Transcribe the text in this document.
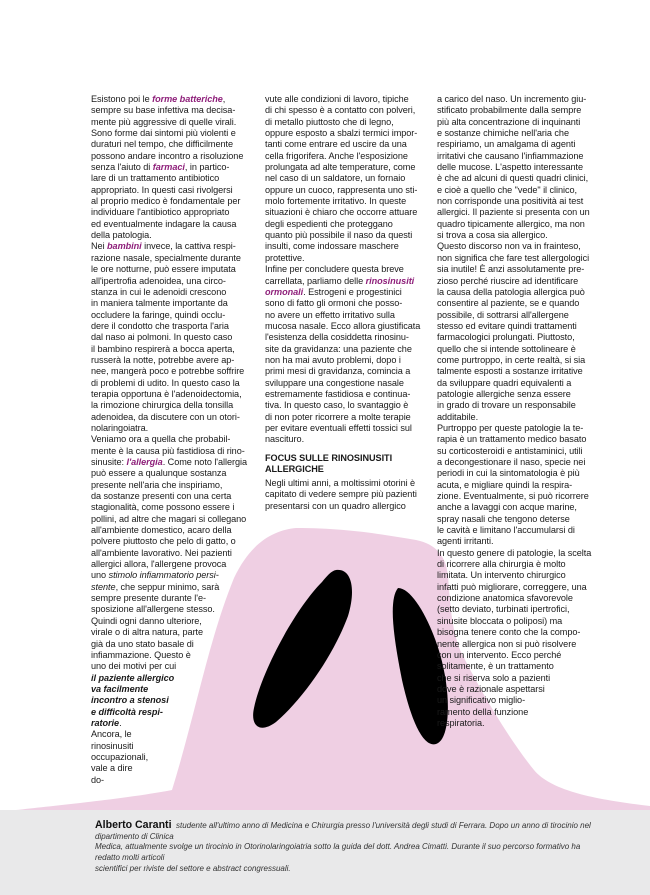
Esistono poi le forme batteriche,
sempre su base infettiva ma decisa-
mente più aggressive di quelle virali.
Sono forme dai sintomi più violenti e
duraturi nel tempo, che difficilmente
possono andare incontro a risoluzione
senza l'aiuto di farmaci, in partico-
lare di un trattamento antibiotico
appropriato. In questi casi rivolgersi
al proprio medico è fondamentale per
individuare l'antibiotico appropriato
ed eventualmente indagare la causa
della patologia.
Nei bambini invece, la cattiva respi-
razione nasale, specialmente durante
le ore notturne, può essere imputata
all'ipertrofia adenoidea, una circo-
stanza in cui le adenoidi crescono
in maniera talmente importante da
occludere la faringe, quindi occlu-
dere il condotto che trasporta l'aria
dal naso ai polmoni. In questo caso
il bambino respirerà a bocca aperta,
russerà la notte, potrebbe avere ap-
nee, mangerà poco e potrebbe soffrire
di problemi di udito. In questo caso la
terapia opportuna è l'adenoidectomia,
la rimozione chirurgica della tonsilla
adenoidea, da discutere con un otori-
nolaringoiatra.
Veniamo ora a quella che probabil-
mente è la causa più fastidiosa di rino-
sinusite: l'allergia. Come noto l'allergia
può essere a qualunque sostanza
presente nell'aria che inspiriamo,
da sostanze presenti con una certa
stagionalità, come possono essere i
pollini, ad altre che magari si collegano
all'ambiente domestico, acaro della
polvere piuttosto che pelo di gatto, o
all'ambiente lavorativo. Nei pazienti
allergici allora, l'allergene provoca
uno stimolo infiammatorio persi-
stente, che seppur minimo, sarà
sempre presente durante l'e-
sposizione all'allergene stesso.
Quindi ogni danno ulteriore,
virale o di altra natura, parte
già da uno stato basale di
infiammazione. Questo è
uno dei motivi per cui
il paziente allergico
va facilmente
incontro a stenosi
e difficoltà respi-
ratorie.
Ancora, le
rinosinusiti
occupazionali,
vale a dire
do-
vute alle condizioni di lavoro, tipiche
di chi spesso è a contatto con polveri,
di metallo piuttosto che di legno,
oppure esposto a sbalzi termici impor-
tanti come entrare ed uscire da una
cella frigorifera. Anche l'esposizione
prolungata ad alte temperature, come
nel caso di un saldatore, un fornaio
oppure un cuoco, rappresenta uno sti-
molo fortemente irritativo. In queste
situazioni è chiaro che occorre attuare
degli espedienti che proteggano
quanto più possibile il naso da questi
insulti, come indossare maschere
protettive.
Infine per concludere questa breve
carrellata, parliamo delle rinosinusiti
ormonali. Estrogeni e progestinici
sono di fatto gli ormoni che posso-
no avere un effetto irritativo sulla
mucosa nasale. Ecco allora giustificata
l'esistenza della cosiddetta rinosinu-
site da gravidanza: una paziente che
non ha mai avuto problemi, dopo i
primi mesi di gravidanza, comincia a
sviluppare una congestione nasale
estremamente fastidiosa e continua-
tiva. In questo caso, lo svantaggio è
di non poter ricorrere a molte terapie
per evitare eventuali effetti tossici sul
nascituro.
FOCUS SULLE RINOSINUSITI
ALLERGICHE
Negli ultimi anni, a moltissimi otorini è
capitato di vedere sempre più pazienti
presentarsi con un quadro allergico
a carico del naso. Un incremento giu-
stificato probabilmente dalla sempre
più alta concentrazione di inquinanti
e sostanze chimiche nell'aria che
respiriamo, un amalgama di agenti
irritativi che causano l'infiammazione
delle mucose. L'aspetto interessante
è che ad alcuni di questi quadri clinici,
e cioè a quello che "vede" il clinico,
non corrisponde una positività ai test
allergici. Il paziente si presenta con un
quadro tipicamente allergico, ma non
si trova a cosa sia allergico.
Questo discorso non va in frainteso,
non significa che fare test allergologici
sia inutile! È anzi assolutamente pre-
zioso perché riuscire ad identificare
la causa della patologia allergica può
consentire al paziente, se e quando
possibile, di sottrarsi all'allergene
stesso ed evitare quindi trattamenti
farmacologici prolungati. Piuttosto,
quello che si intende sottolineare è
come purtroppo, in certe realtà, si sia
talmente esposti a sostanze irritative
da sviluppare quadri equivalenti a
patologie allergiche senza essere
in grado di trovare un responsabile
additabile.
Purtroppo per queste patologie la te-
rapia è un trattamento medico basato
su corticosteroidi e antistaminici, utili
a decongestionare il naso, specie nei
periodi in cui la sintomatologia è più
acuta, e migliare quindi la respira-
zione. Eventualmente, si può ricorrere
anche a lavaggi con acque marine,
spray nasali che tengono deterse
le cavità e limitano l'accumularsi di
agenti irritanti.
In questo genere di patologie, la scelta
di ricorrere alla chirurgia è molto
limitata. Un intervento chirurgico
infatti può migliorare, correggere, una
condizione anatomica sfavorevole
(setto deviato, turbinati ipertrofici,
sinusite bloccata o poliposi) ma
bisogna tenere conto che la compo-
nente allergica non si può risolvere
con un intervento. Ecco perché
solitamente, è un trattamento
che si riserva solo a pazienti
dove è razionale aspettarsi
un significativo miglio-
ramento della funzione
respiratoria.
Alberto Caranti studente all'ultimo anno di Medicina e Chirurgia presso l'università degli studi di Ferrara. Dopo un anno di tirocinio nel dipartimento di Clinica
Medica, attualmente svolge un tirocinio in Otorinolaringoiatria sotto la guida del dott. Andrea Cimatti. Durante il suo percorso formativo ha redatto molti articoli
scientifici per riviste del settore e abstract congressuali.
